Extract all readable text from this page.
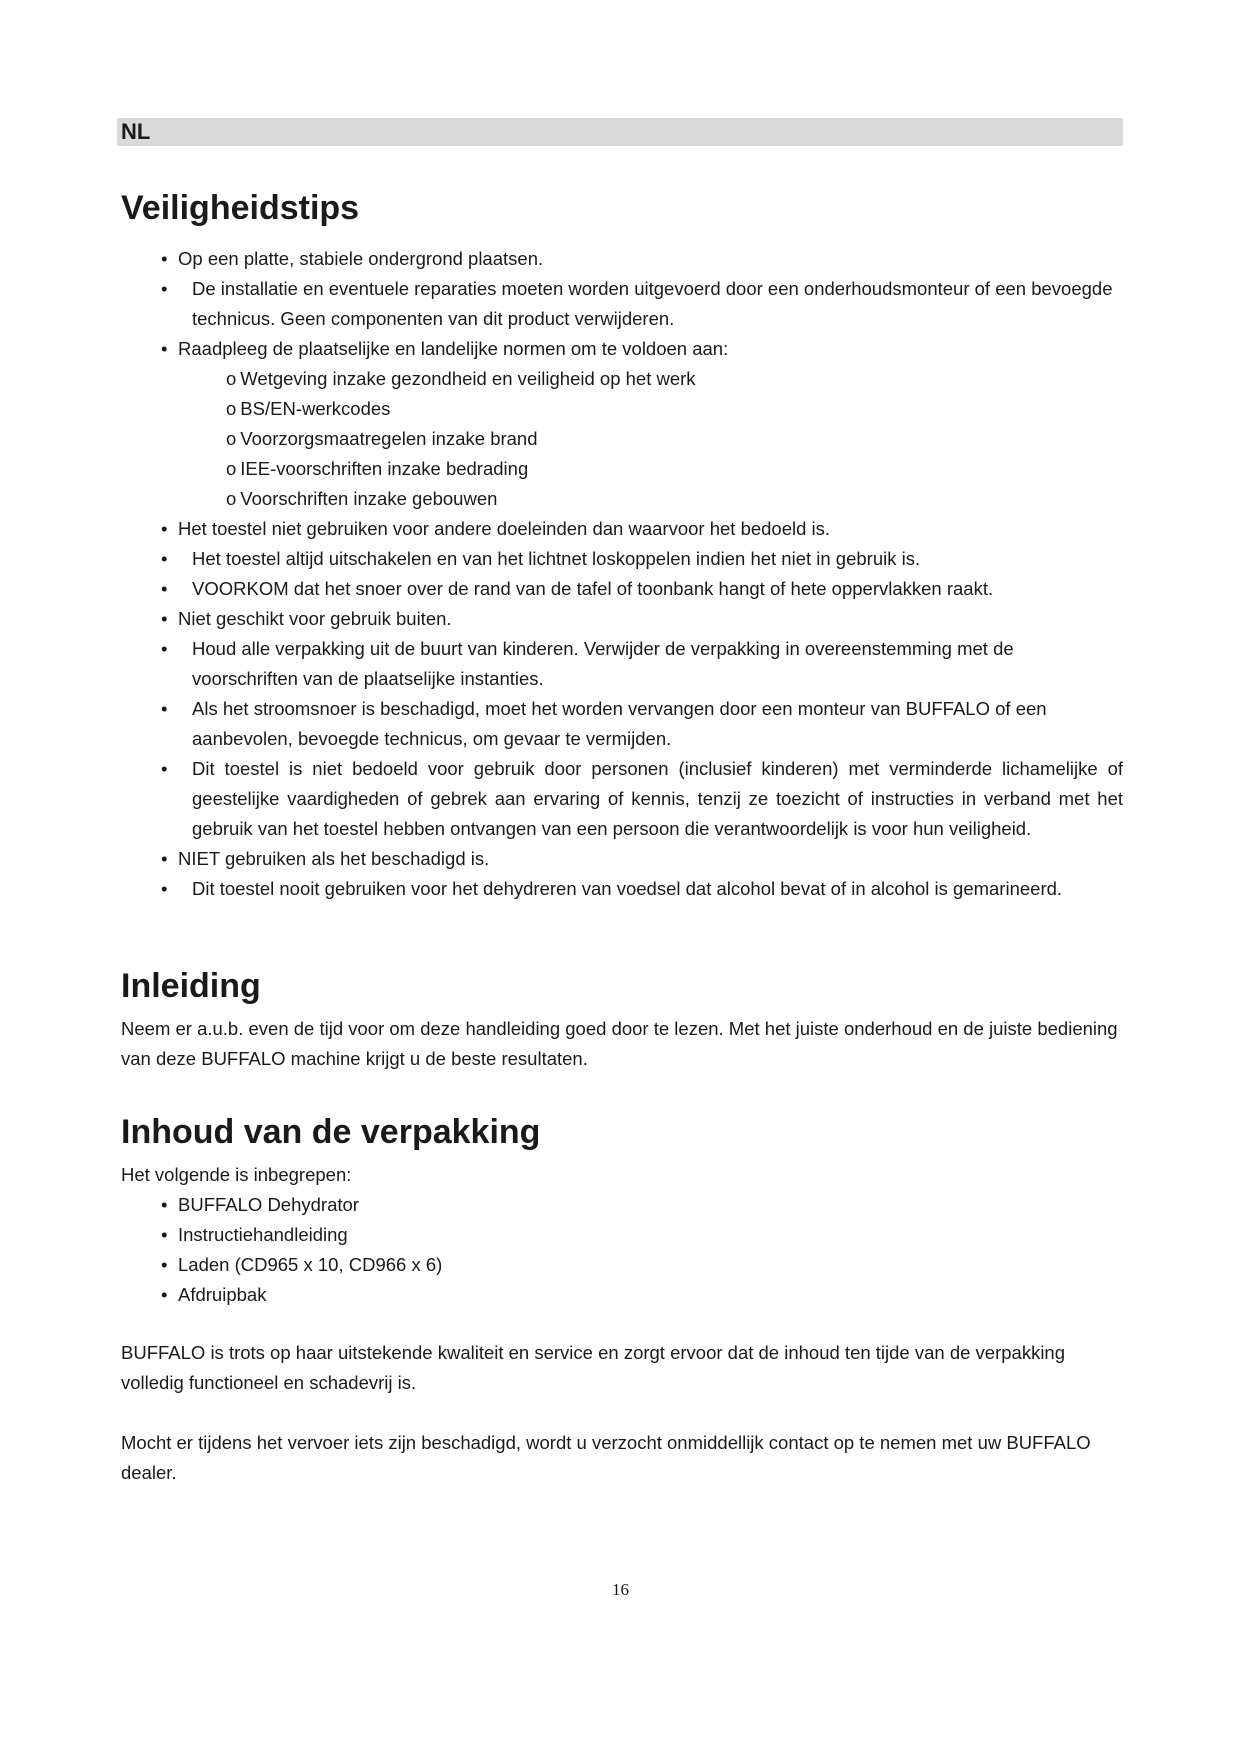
NL
Veiligheidstips
• Op een platte, stabiele ondergrond plaatsen.
• De installatie en eventuele reparaties moeten worden uitgevoerd door een onderhoudsmonteur of een bevoegde technicus. Geen componenten van dit product verwijderen.
• Raadpleeg de plaatselijke en landelijke normen om te voldoen aan:
o Wetgeving inzake gezondheid en veiligheid op het werk
o BS/EN-werkcodes
o Voorzorgsmaatregelen inzake brand
o IEE-voorschriften inzake bedrading
o Voorschriften inzake gebouwen
• Het toestel niet gebruiken voor andere doeleinden dan waarvoor het bedoeld is.
• Het toestel altijd uitschakelen en van het lichtnet loskoppelen indien het niet in gebruik is.
• VOORKOM dat het snoer over de rand van de tafel of toonbank hangt of hete oppervlakken raakt.
• Niet geschikt voor gebruik buiten.
• Houd alle verpakking uit de buurt van kinderen. Verwijder de verpakking in overeenstemming met de voorschriften van de plaatselijke instanties.
• Als het stroomsnoer is beschadigd, moet het worden vervangen door een monteur van BUFFALO of een aanbevolen, bevoegde technicus, om gevaar te vermijden.
• Dit toestel is niet bedoeld voor gebruik door personen (inclusief kinderen) met verminderde lichamelijke of geestelijke vaardigheden of gebrek aan ervaring of kennis, tenzij ze toezicht of instructies in verband met het gebruik van het toestel hebben ontvangen van een persoon die verantwoordelijk is voor hun veiligheid.
• NIET gebruiken als het beschadigd is.
• Dit toestel nooit gebruiken voor het dehydreren van voedsel dat alcohol bevat of in alcohol is gemarineerd.
Inleiding

Neem er a.u.b. even de tijd voor om deze handleiding goed door te lezen. Met het juiste onderhoud en de juiste bediening van deze BUFFALO machine krijgt u de beste resultaten.

Inhoud van de verpakking

Het volgende is inbegrepen:

• BUFFALO Dehydrator
• Instructiehandleiding
• Laden (CD965 x 10, CD966 x 6)
• Afdruipbak

BUFFALO is trots op haar uitstekende kwaliteit en service en zorgt ervoor dat de inhoud ten tijde van de verpakking volledig functioneel en schadevrij is.

Mocht er tijdens het vervoer iets zijn beschadigd, wordt u verzocht onmiddellijk contact op te nemen met uw BUFFALO dealer.

16
